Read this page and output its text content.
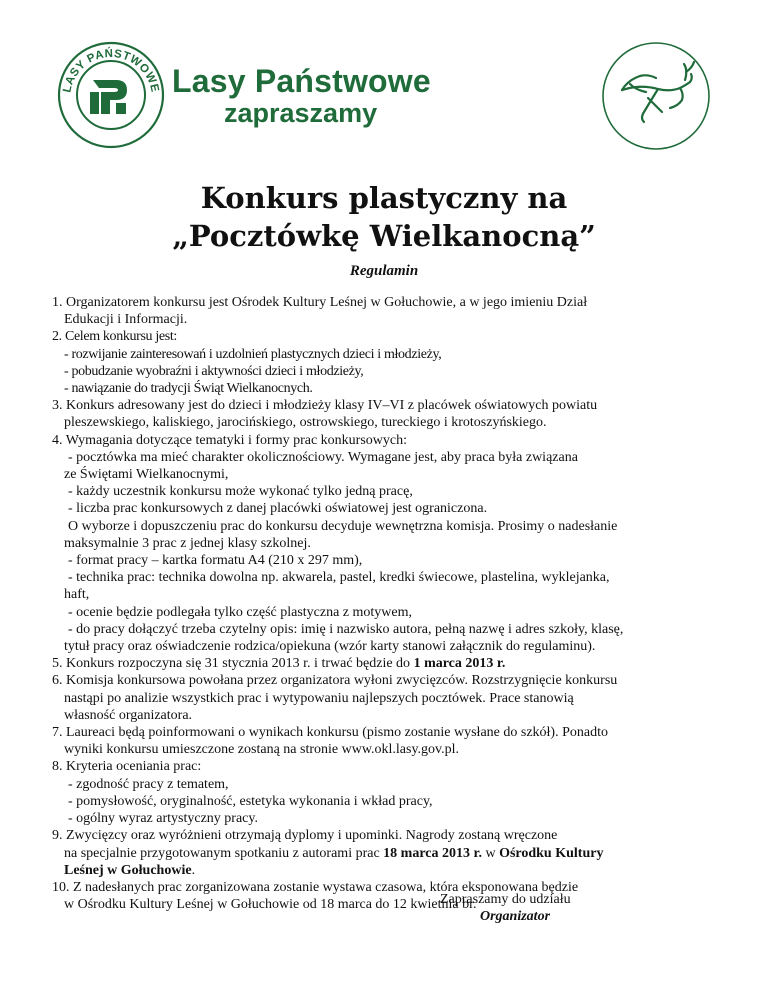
LASY PAŃSTWOWE Lasy Państwowe
zapraszamy
Konkurs plastyczny na
„Pocztówkę Wielkanocną”
Regulamin
1. Organizatorem konkursu jest Ośrodek Kultury Leśnej w Gołuchowie, a w jego imieniu Dział
Edukacji i Informacji.
2. Celem konkursu jest:
- rozwijanie zainteresowań i uzdolnień plastycznych dzieci i młodzieży,
- pobudzanie wyobraźni i aktywności dzieci i młodzieży,
- nawiązanie do tradycji Świąt Wielkanocnych.
3. Konkurs adresowany jest do dzieci i młodzieży klasy IV–VI z placówek oświatowych powiatu
pleszewskiego, kaliskiego, jarocińskiego, ostrowskiego, tureckiego i krotoszyńskiego.
4. Wymagania dotyczące tematyki i formy prac konkursowych:
- pocztówka ma mieć charakter okolicznościowy. Wymagane jest, aby praca była związana
ze Świętami Wielkanocnymi,
- każdy uczestnik konkursu może wykonać tylko jedną pracę,
- liczba prac konkursowych z danej placówki oświatowej jest ograniczona.
O wyborze i dopuszczeniu prac do konkursu decyduje wewnętrzna komisja. Prosimy o nadesłanie
maksymalnie 3 prac z jednej klasy szkolnej.
- format pracy – kartka formatu A4 (210 x 297 mm),
- technika prac: technika dowolna np. akwarela, pastel, kredki świecowe, plastelina, wyklejanka,
haft,
- ocenie będzie podlegała tylko część plastyczna z motywem,
- do pracy dołączyć trzeba czytelny opis: imię i nazwisko autora, pełną nazwę i adres szkoły, klasę,
tytuł pracy oraz oświadczenie rodzica/opiekuna (wzór karty stanowi załącznik do regulaminu).
5. Konkurs rozpoczyna się 31 stycznia 2013 r. i trwać będzie do 1 marca 2013 r.
6. Komisja konkursowa powołana przez organizatora wyłoni zwycięzców. Rozstrzygnięcie konkursu
nastąpi po analizie wszystkich prac i wytypowaniu najlepszych pocztówek. Prace stanowią
własność organizatora.
7. Laureaci będą poinformowani o wynikach konkursu (pismo zostanie wysłane do szkół). Ponadto
wyniki konkursu umieszczone zostaną na stronie www.okl.lasy.gov.pl.
8. Kryteria oceniania prac:
- zgodność pracy z tematem,
- pomysłowość, oryginalność, estetyka wykonania i wkład pracy,
- ogólny wyraz artystyczny pracy.
9. Zwycięzcy oraz wyróżnieni otrzymają dyplomy i upominki. Nagrody zostaną wręczone
na specjalnie przygotowanym spotkaniu z autorami prac 18 marca 2013 r. w Ośrodku Kultury
Leśnej w Gołuchowie.
10. Z nadesłanych prac zorganizowana zostanie wystawa czasowa, która eksponowana będzie
w Ośrodku Kultury Leśnej w Gołuchowie od 18 marca do 12 kwietnia br.
Zapraszamy do udziału
Organizator
